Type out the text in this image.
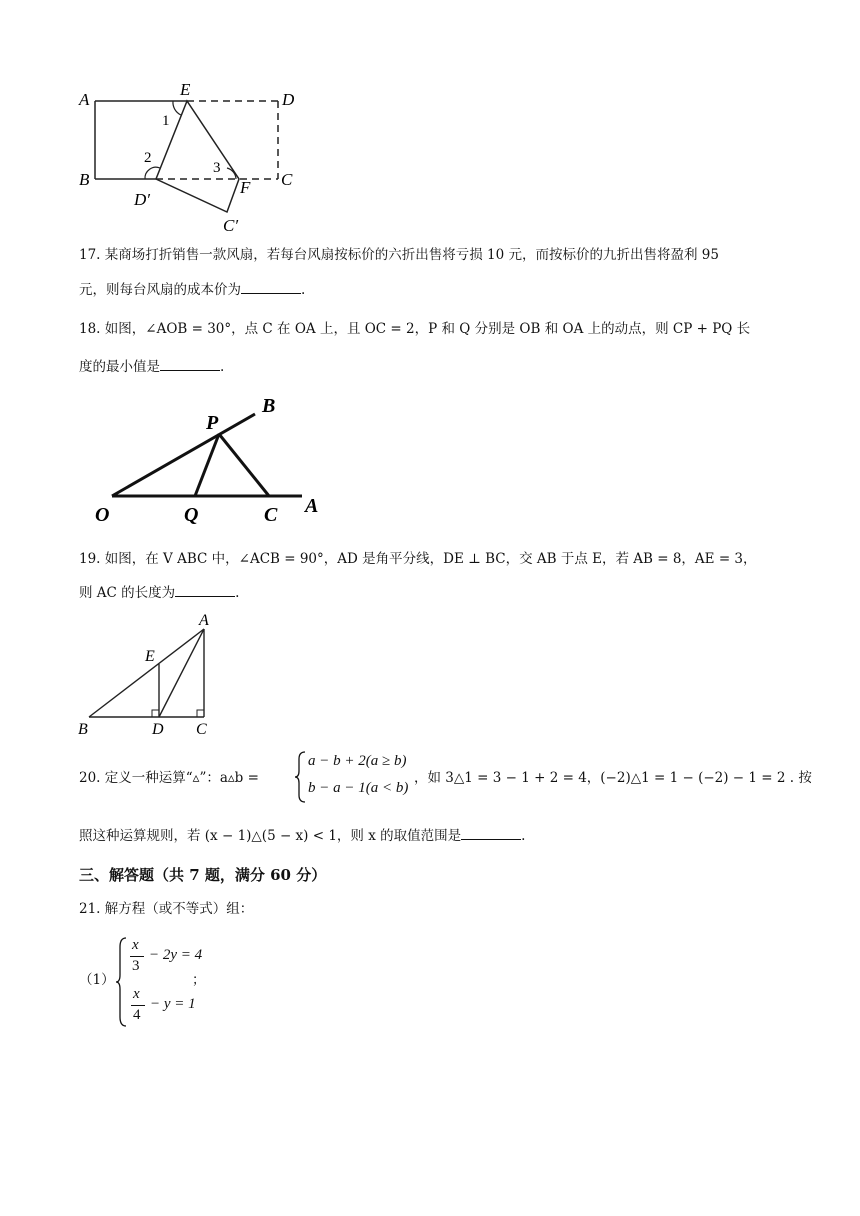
A
E
D
B
D′
F C
C′
1
2
3
17. 某商场打折销售一款风扇，若每台风扇按标价的六折出售将亏损 10 元，而按标价的九折出售将盈利 95
元，则每台风扇的成本价为	.
18. 如图，∠AOB = 30°，点 C 在 OA 上，且 OC = 2，P 和 Q 分别是 OB 和 OA 上的动点，则 CP + PQ 长
度的最小值是	.
P
B
O	Q	C A
19. 如图，在 V ABC 中，∠ACB = 90°，AD 是角平分线，DE ⊥ BC，交 AB 于点 E，若 AB = 8，AE = 3，
则 AC 的长度为	.
A
E
B	D C
20. 定义一种运算“▵”：a▵b =
a − b + 2(a ≥ b)
b − a − 1(a < b)
，如 3△1 = 3 − 1 + 2 = 4，(−2)△1 = 1 − (−2) − 1 = 2 . 按
照这种运算规则，若 (x − 1)△(5 − x) < 1，则 x 的取值范围是	.
三、解答题（共 7 题，满分 60 分）
21. 解方程（或不等式）组：
（1）
x
3
− 2y = 4
x
4
− y = 1
；
